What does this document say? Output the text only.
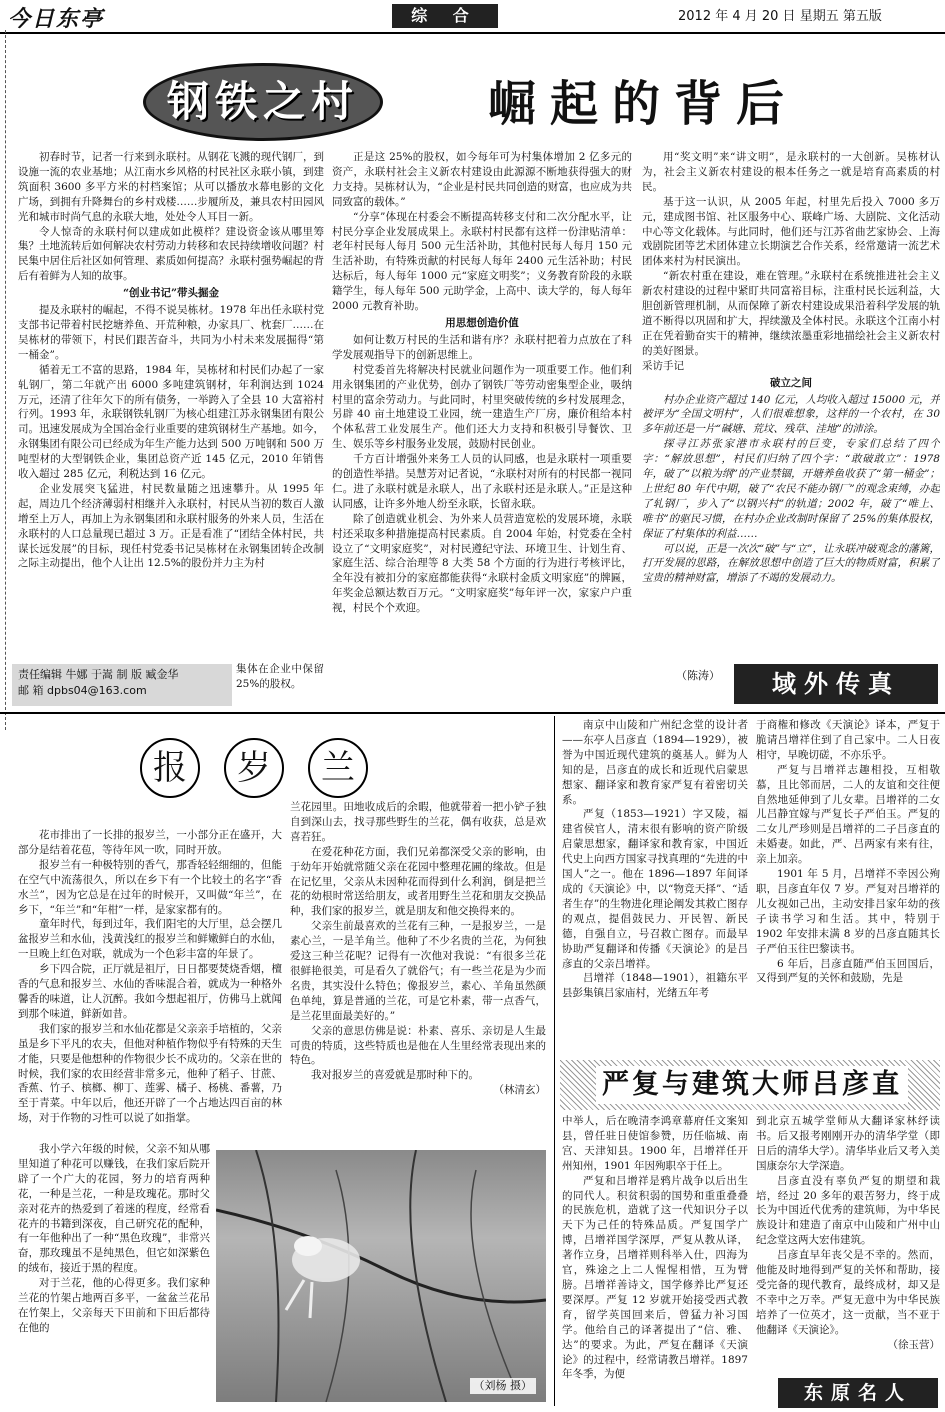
今日东亭	综 合	2012 年 4 月 20 日 星期五 第五版
钢铁之村	崛起的背后

初春时节，记者一行来到永联村。从钢花飞溅的现代钢厂，到设施一流的农业基地；从江南水乡风格的村民社区永联小镇，到建筑面积 3600 多平方米的村档案馆；从可以播放水幕电影的文化广场，到拥有升降舞台的乡村戏楼……步履所及，兼具农村田园风光和城市时尚气息的永联大地，处处令人耳目一新。

令人惊奇的永联村何以建成如此模样？建设资金该从哪里筹集？土地流转后如何解决农村劳动力转移和农民持续增收问题？村民集中居住后社区如何管理、素质如何提高？永联村强势崛起的背后有着鲜为人知的故事。

“创业书记”带头掘金

提及永联村的崛起，不得不说吴栋材。1978 年出任永联村党支部书记带着村民挖塘养鱼、开荒种粮，办家具厂、枕套厂……在吴栋材的带领下，村民们跟苦奋斗，共同为小村未来发展掘得“第一桶金”。

循着无工不富的思路，1984 年，吴栋材和村民们办起了一家轧钢厂，第二年就产出 6000 多吨建筑钢材，年利润达到 1024 万元，还清了往年欠下的所有债务，一举跨入了全县 10 大富裕村行列。1993 年，永联钢铁轧钢厂为核心组建江苏永钢集团有限公司。迅速发展成为全国冶金行业重要的建筑钢材生产基地。如今，永钢集团有限公司已经成为年生产能力达到 500 万吨钢和 500 万吨型材的大型钢铁企业，集团总资产近 145 亿元，2010 年销售收入超过 285 亿元，利税达到 16 亿元。

企业发展突飞猛进，村民数量随之迅速攀升。从 1995 年起，周边几个经济薄弱村相继并入永联村，村民从当初的数百人激增至上万人，再加上为永钢集团和永联村服务的外来人员，生活在永联村的人口总量现已超过 3 万。正是看准了“团结全体村民，共谋长远发展”的目标，现任村党委书记吴栋材在永钢集团转企改制之际主动提出，他个人让出 12.5%的股份并力主为村

集体在企业中保留 25%的股权。

责任编辑 牛娜 于嵩 制 版 臧金华
邮 箱 dpbs04@163.com

正是这 25%的股权，如今每年可为村集体增加 2 亿多元的资产，永联村社会主义新农村建设由此源源不断地获得强大的财力支持。吴栋材认为，“企业是村民共同创造的财富，也应成为共同致富的载体。”

“分享”体现在村委会不断提高转移支付和二次分配水平，让村民分享企业发展成果上。永联村村民都有这样一份津贴清单：老年村民每人每月 500 元生活补助，其他村民每人每月 150 元生活补助，有特殊贡献的村民每人每年 2400 元生活补助；村民达标后，每人每年 1000 元“家庭文明奖”；义务教育阶段的永联籍学生，每人每年 500 元助学金，上高中、读大学的，每人每年 2000 元教育补助。

用思想创造价值

如何让数万村民的生活和谐有序？永联村把着力点放在了科学发展观指导下的创新思维上。

村党委首先将解决村民就业问题作为一项重要工作。他们利用永钢集团的产业优势，创办了钢铁厂等劳动密集型企业，吸纳村里的富余劳动力。与此同时，村里突破传统的乡村发展理念，另辟 40 亩土地建设工业园，统一建造生产厂房，廉价租给本村个体私营工业发展生产。他们还大力支持和积极引导餐饮、卫生、娱乐等乡村服务业发展，鼓励村民创业。

千方百计增强外来务工人员的认同感，也是永联村一项重要的创造性举措。吴慧芳对记者说，“永联村对所有的村民都一视同仁。进了永联村就是永联人，出了永联村还是永联人。”正是这种认同感，让许多外地人纷至永联，长留永联。

除了创造就业机会、为外来人员营造宽松的发展环境，永联村还采取多种措施提高村民素质。自 2004 年始，村党委在全村设立了“文明家庭奖”，对村民遵纪守法、环境卫生、计划生育、家庭生活、综合治理等 8 大类 58 个方面的行为进行考核评比，全年没有被扣分的家庭都能获得“永联村金质文明家庭”的牌匾，年奖金总额达数百万元。“文明家庭奖”每年评一次，家家户户重视，村民个个欢迎。

用“奖文明”来“讲文明”，是永联村的一大创新。吴栋材认为，社会主义新农村建设的根本任务之一就是培育高素质的村民。

基于这一认识，从 2005 年起，村里先后投入 7000 多万元，建成图书馆、社区服务中心、联峰广场、大剧院、文化活动中心等文化载体。与此同时，他们还与江苏省曲艺家协会、上海戏剧院团等艺术团体建立长期演艺合作关系，经常邀请一流艺术团体来村为村民演出。

“新农村重在建设，难在管理。”永联村在系统推进社会主义新农村建设的过程中紧盯共同富裕目标，注重村民长远利益，大胆创新管理机制，从而保障了新农村建设成果沿着科学发展的轨道不断得以巩固和扩大，捍续激及全体村民。永联这个江南小村正在凭着勤奋实干的精神，继续浓墨重彩地描绘社会主义新农村的美好图景。

采访手记

破立之间

村办企业资产超过 140 亿元，人均收入超过 15000 元，并被评为“全国文明村”，人们很难想象，这样的一个农村，在 30 多年前还是一片“碱塘、荒坟、残草、洼地”的沛涂。

探寻江苏张家港市永联村的巨变，专家们总结了四个字：“解放思想”，村民们归纳了四个字：“敢破敢立”：1978 年，破了“以粮为纲”的产业禁锢，开塘养鱼收获了“第一桶金”；上世纪 80 年代中期，破了“农民不能办钢厂”的观念束缚，办起了轧钢厂，步入了“以钢兴村”的轨道；2002 年，破了“唯上、唯书”的驱民习惯，在村办企业改制时保留了 25%的集体股权，保证了村集体的利益……

可以说，正是一次次“破”与“立”，让永联冲破观念的藩篱，打开发展的思路，在解放思想中创造了巨大的物质财富，积累了宝贵的精神财富，增添了不竭的发展动力。

（陈涛）	域外传真
报	岁	兰

花市排出了一长排的报岁兰，一小部分正在盛开，大部分是结着花苞，等待年风一吹，同时开放。

报岁兰有一种极特别的香气，那香轻轻细细的，但能在空气中流荡很久，所以在乡下有一个比较土的名字“香水兰”，因为它总是在过年的时候开，又叫做“年兰”，在乡下，“年兰”和“年柑”一样，是家家都有的。

童年时代，每到过年，我们阳宅的大厅里，总会摆几盆报岁兰和水仙，浅黄浅红的报岁兰和鲜嫩鲜白的水仙，一旦晚上红色对联，就成为一个色彩丰富的年景了。

乡下四合院，正厅就是祖厅，日日都要焚烧香烟，檀香的气息和报岁兰、水仙的香味混合着，就成为一种格外馨香的味道，让人沉醉。我如今想起祖厅，仿佛马上就闻到那个味道，鲜新如昔。

我们家的报岁兰和水仙花都是父亲亲手培植的，父亲虽是乡下平凡的农夫，但他对种植作物似乎有特殊的天生才能，只要是他想种的作物很少长不成功的。父亲在世的时候，我们家的农田经营非常多元，他种了稻子、甘蔗、香蕉、竹子、槟榔、柳丁、莲雾、橘子、杨桃、番薯，乃至于青菜。中年以后，他还开辟了一个占地达四百亩的林场，对于作物的习性可以说了如指掌。

我小学六年级的时候，父亲不知从哪里知道了种花可以赚钱，在我们家后院开辟了一个广大的花园，努力的培育两种花，一种是兰花，一种是玫瑰花。那时父亲对花卉的热爱到了着迷的程度，经常看花卉的书籍到深夜，自己研究花的配种，有一年他种出了一种“黑色玫瑰”，非常兴奋，那玫瑰虽不是纯黑色，但它如深紫色的绒布，接近于黑的程度。

对于兰花，他的心得更多。我们家种兰花的竹架占地两百多平，一盆盆兰花吊在竹架上，父亲每天下田前和下田后都待在他的

兰花园里。田地收成后的余暇，他就带着一把小铲子独自到深山去，找寻那些野生的兰花，偶有收获，总是欢喜若狂。

在爱花种花方面，我们兄弟都深受父亲的影响，由于幼年开始就常随父亲在花园中整理花圃的缘故。但是在记忆里，父亲从未因种花而得到什么利润，倒是把兰花的幼根时常送给朋友，或者用野生兰花和朋友交换品种，我们家的报岁兰，就是朋友和他交换得来的。

父亲生前最喜欢的兰花有三种，一是报岁兰，一是素心兰，一是羊角兰。他种了不少名贵的兰花，为何独爱这三种兰花呢？记得有一次他对我说：“有很多兰花很鲜艳很美，可是看久了就俗气；有一些兰花是为少而名贵，其实没什么特色；像报岁兰，素心、羊角虽然颜色单纯，算是普通的兰花，可是它朴素，带一点香气，是兰花里面最美好的。”

父亲的意思仿佛是说：朴素、喜乐、亲切是人生最可贵的特质，这些特质也是他在人生里经常表现出来的特色。

我对报岁兰的喜爱就是那时种下的。

（林清玄）

（刘杨 摄）

南京中山陵和广州纪念堂的设计者——东亭人吕彦直（1894—1929），被誉为中国近现代建筑的奠基人。鲜为人知的是，吕彦直的成长和近现代启蒙思想家、翻译家和教育家严复有着密切关系。

严复（1853—1921）字又陵，福建省侯官人，清末很有影响的资产阶级启蒙思想家，翻译家和教育家，中国近代史上向西方国家寻找真理的“先进的中国人”之一。他在 1896—1897 年间译成的《天演论》中，以“物竞天择”、“适者生存”的生物进化理论阐发其救亡图存的观点，提倡鼓民力、开民智、新民德，自强自立，号召救亡图存。而最早协助严复翻译和传播《天演论》的是吕彦直的父亲吕增祥。

吕增祥（1848—1901），祖籍东平县彭集镇吕家庙村，光绪五年考

于商権和修改《天演论》译本，严复于脆请吕增祥住到了自己家中。二人日夜相守，早晚切磋，不亦乐乎。

严复与吕增祥志趣相投，互相敬慕，且比邻而居，二人的友谊和交往便自然地延伸到了儿女辈。吕增祥的二女儿吕静宜嫁与严复长子严伯玉。严复的二女儿严珍则是吕增祥的二子吕彦直的未婚妻。如此，严、吕两家有来有往，亲上加亲。

1901 年 5 月，吕增祥不幸因公殉职，吕彦直年仅 7 岁。严复对吕增祥的儿女视如己出，主动安排吕家年幼的孩子读书学习和生活。其中，特别于 1902 年安排末满 8 岁的吕彦直随其长子严伯玉往巴黎读书。

6 年后，吕彦直随严伯玉回国后，又得到严复的关怀和鼓励，先是

严复与建筑大师吕彦直

中举人，后在晚清李鸿章幕府任文案知县，曾任驻日使馆参赞，历任临城、南宫、天津知县。1900 年，吕增祥任开州知州，1901 年因殉职卒于任上。

严复和吕增祥是鸦片战争以后出生的同代人。积贫积弱的国势和重重叠叠的民族危机，造就了这一代知识分子以天下为己任的特殊品质。严复国学广博，吕增祥国学深厚，严复从教从译，著作立身，吕增祥则科举入仕，四海为官，殊途之上二人惺惺相惜，互为臂膀。吕增祥善诗文，国学修养比严复还要深厚。严复 12 岁就开始接受西式教育，留学英国回来后，曾猛力补习国学。他给自己的译著提出了“信、雅、达”的要求。为此，严复在翻译《天演论》的过程中，经常请教吕增祥。1897 年冬季，为便

到北京五城学堂师从大翻译家林纾读书。后又报考刚刚开办的清华学堂（即日后的清华大学）。清华毕业后又考入美国康奈尔大学深造。

吕彦直没有辜负严复的期望和栽培，经过 20 多年的艰苦努力，终于成长为中国近代优秀的建筑师，为中华民族设计和建造了南京中山陵和广州中山纪念堂这两大宏伟建筑。

吕彦直早年丧父是不幸的。然而，他能及时地得到严复的关怀和帮助，接受完备的现代教育，最终成材，却又是不幸中之万幸。严复无意中为中华民族培养了一位英才，这一贡献，当不亚于他翻译《天演论》。

（徐玉营）

东原名人
